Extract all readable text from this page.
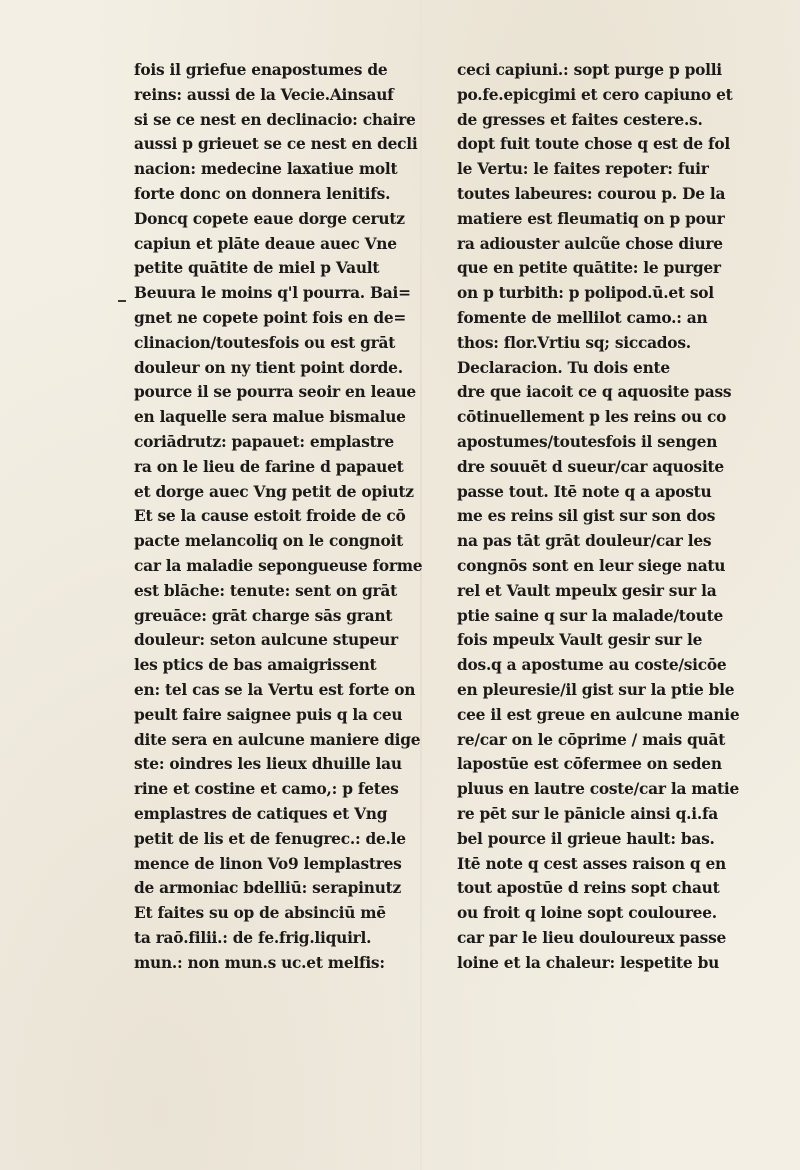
fois il griefue enapostumes de
reins: aussi de la Vecie.Ainsauf
si se ce nest en declinacio: chaire
aussi p grieuet se ce nest en decli
nacion: medecine laxatiue molt
forte donc on donnera lenitifs.
Doncq copete eaue dorge cerutz
capiun et plāte deaue auec Vne
petite quātite de miel p Vault
Beuura le moins q'l pourra. Bai=
gnet ne copete point fois en de=
clinacion/toutesfois ou est grāt
douleur on ny tient point dorde.
pource il se pourra seoir en leaue
en laquelle sera malue bismalue
coriādrutz: papauet: emplastre
ra on le lieu de farine d papauet
et dorge auec Vng petit de opiutz
Et se la cause estoit froide de cō
pacte melancoliq on le congnoit
car la maladie sepongueuse forme
est blāche: tenute: sent on grāt
greuāce: grāt charge sās grant
douleur: seton aulcune stupeur
les ptics de bas amaigrissent
en: tel cas se la Vertu est forte on
peult faire saignee puis q la ceu
dite sera en aulcune maniere dige
ste: oindres les lieux dhuille lau
rine et costine et camo,: p fetes
emplastres de catiques et Vng
petit de lis et de fenugrec.: de.le
mence de linon Vo9 lemplastres
de armoniac bdelliū: serapinutz
Et faites su op de absinciū mē
ta raō.filii.: de fe.frig.liquirl.
mun.: non mun.s uc.et melfis:
ceci capiuni.: sopt purge p polli
po.fe.epicgimi et cero capiuno et
de gresses et faites cestere.s.
dopt fuit toute chose q est de fol
le Vertu: le faites repoter: fuir
toutes labeures: courou p. De la
matiere est fleumatiq on p pour
ra adiouster aulcũe chose diure
que en petite quātite: le purger
on p turbith: p polipod.ū.et sol
fomente de mellilot camo.: an
thos: flor.Vrtiu sq; siccados.
Declaracion. Tu dois ente
dre que iacoit ce q aquosite pass
cōtinuellement p les reins ou co
apostumes/toutesfois il sengen
dre souuēt d sueur/car aquosite
passe tout. Itē note q a apostu
me es reins sil gist sur son dos
na pas tāt grāt douleur/car les
congnōs sont en leur siege natu
rel et Vault mpeulx gesir sur la
ptie saine q sur la malade/toute
fois mpeulx Vault gesir sur le
dos.q a apostume au coste/sicōe
en pleuresie/il gist sur la ptie ble
cee il est greue en aulcune manie
re/car on le cōprime / mais quāt
lapostūe est cōfermee on seden
pluus en lautre coste/car la matie
re pēt sur le pānicle ainsi q.i.fa
bel pource il grieue hault: bas.
Itē note q cest asses raison q en
tout apostūe d reins sopt chaut
ou froit q loine sopt coulouree.
car par le lieu douloureux passe
loine et la chaleur: lespetite bu
